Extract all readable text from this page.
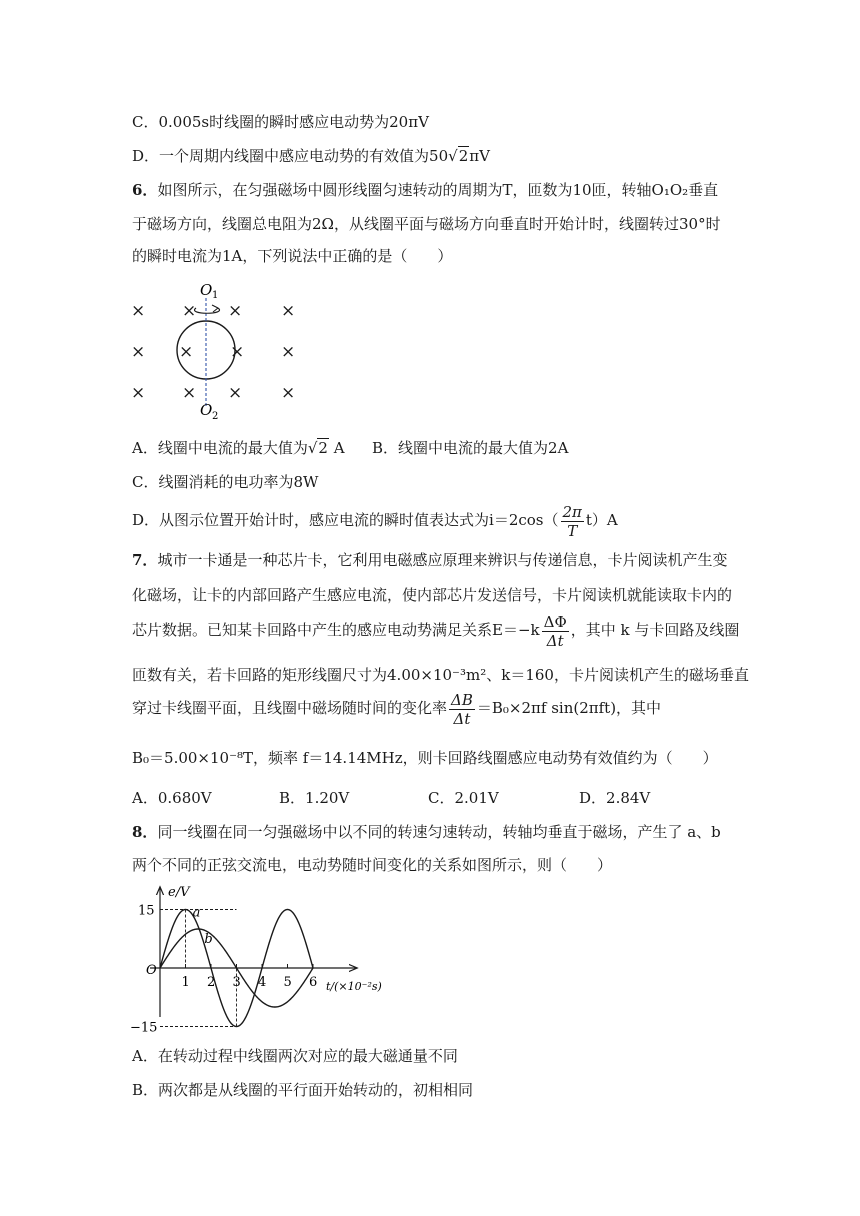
C．0.005s时线圈的瞬时感应电动势为20πV
D．一个周期内线圈中感应电动势的有效值为50√2πV
6．如图所示，在匀强磁场中圆形线圈匀速转动的周期为T，匝数为10匝，转轴O₁O₂垂直
于磁场方向，线圈总电阻为2Ω，从线圈平面与磁场方向垂直时开始计时，线圈转过30°时
的瞬时电流为1A，下列说法中正确的是（　　）
× × × ×
× × × ×
× × × ×
O 1
O 2
A．线圈中电流的最大值为√2 A B．线圈中电流的最大值为2A
C．线圈消耗的电功率为8W
D．从图示位置开始计时，感应电流的瞬时值表达式为$i=2\cos( \frac{2\pi}{T} t)A$
7．城市一卡通是一种芯片卡，它利用电磁感应原理来辨识与传递信息，卡片阅读机产生变
化磁场，让卡的内部回路产生感应电流，使内部芯片发送信号，卡片阅读机就能读取卡内的
芯片数据。已知某卡回路中产生的感应电动势满足关系$E=-k \frac{\Delta\Phi}{\Delta t}$ ，其中 k 与卡回路及线圈
匝数有关，若卡回路的矩形线圈尺寸为4.00×10⁻³m²、k＝160，卡片阅读机产生的磁场垂直
穿过卡线圈平面，且线圈中磁场随时间的变化率 $\frac{\Delta B}{\Delta t} =B_0\times 2\pi f$ sin(2πft)，其中
B₀＝5.00×10⁻⁸T，频率 f＝14.14MHz，则卡回路线圈感应电动势有效值约为（　　）
A．0.680V	B．1.20V	C．2.01V	D．2.84V
8．同一线圈在同一匀强磁场中以不同的转速匀速转动，转轴均垂直于磁场，产生了 a、b
两个不同的正弦交流电，电动势随时间变化的关系如图所示，则（　　）
e/V
t/(×10⁻²s)
O
15
−15
1 2 3 4 5 6
a
b
A．在转动过程中线圈两次对应的最大磁通量不同
B．两次都是从线圈的平行面开始转动的，初相相同
